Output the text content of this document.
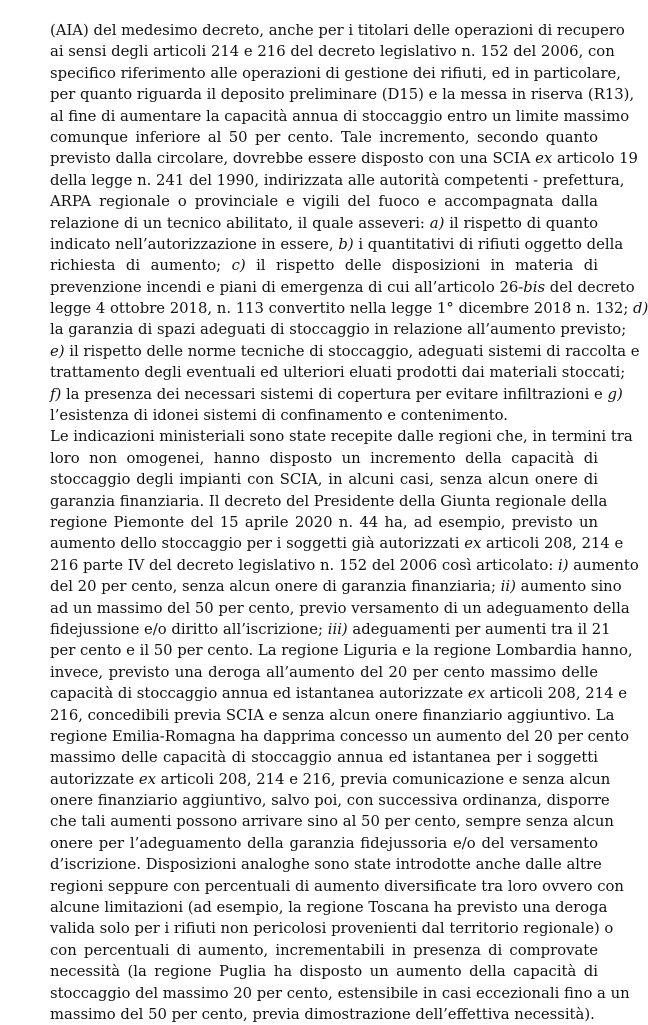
(AIA) del medesimo decreto, anche per i titolari delle operazioni di recupero
ai sensi degli articoli 214 e 216 del decreto legislativo n. 152 del 2006, con
specifico riferimento alle operazioni di gestione dei rifiuti, ed in particolare,
per quanto riguarda il deposito preliminare (D15) e la messa in riserva (R13),
al fine di aumentare la capacità annua di stoccaggio entro un limite massimo
comunque inferiore al 50 per cento. Tale incremento, secondo quanto
previsto dalla circolare, dovrebbe essere disposto con una SCIA ex articolo 19
della legge n. 241 del 1990, indirizzata alle autorità competenti - prefettura,
ARPA regionale o provinciale e vigili del fuoco e accompagnata dalla
relazione di un tecnico abilitato, il quale asseveri: a) il rispetto di quanto
indicato nell’autorizzazione in essere, b) i quantitativi di rifiuti oggetto della
richiesta di aumento; c) il rispetto delle disposizioni in materia di
prevenzione incendi e piani di emergenza di cui all’articolo 26-bis del decreto
legge 4 ottobre 2018, n. 113 convertito nella legge 1° dicembre 2018 n. 132; d)
la garanzia di spazi adeguati di stoccaggio in relazione all’aumento previsto;
e) il rispetto delle norme tecniche di stoccaggio, adeguati sistemi di raccolta e
trattamento degli eventuali ed ulteriori eluati prodotti dai materiali stoccati;
f) la presenza dei necessari sistemi di copertura per evitare infiltrazioni e g)
l’esistenza di idonei sistemi di confinamento e contenimento.
Le indicazioni ministeriali sono state recepite dalle regioni che, in termini tra
loro non omogenei, hanno disposto un incremento della capacità di
stoccaggio degli impianti con SCIA, in alcuni casi, senza alcun onere di
garanzia finanziaria. Il decreto del Presidente della Giunta regionale della
regione Piemonte del 15 aprile 2020 n. 44 ha, ad esempio, previsto un
aumento dello stoccaggio per i soggetti già autorizzati ex articoli 208, 214 e
216 parte IV del decreto legislativo n. 152 del 2006 così articolato: i) aumento
del 20 per cento, senza alcun onere di garanzia finanziaria; ii) aumento sino
ad un massimo del 50 per cento, previo versamento di un adeguamento della
fidejussione e/o diritto all’iscrizione; iii) adeguamenti per aumenti tra il 21
per cento e il 50 per cento. La regione Liguria e la regione Lombardia hanno,
invece, previsto una deroga all’aumento del 20 per cento massimo delle
capacità di stoccaggio annua ed istantanea autorizzate ex articoli 208, 214 e
216, concedibili previa SCIA e senza alcun onere finanziario aggiuntivo. La
regione Emilia-Romagna ha dapprima concesso un aumento del 20 per cento
massimo delle capacità di stoccaggio annua ed istantanea per i soggetti
autorizzate ex articoli 208, 214 e 216, previa comunicazione e senza alcun
onere finanziario aggiuntivo, salvo poi, con successiva ordinanza, disporre
che tali aumenti possono arrivare sino al 50 per cento, sempre senza alcun
onere per l’adeguamento della garanzia fidejussoria e/o del versamento
d’iscrizione. Disposizioni analoghe sono state introdotte anche dalle altre
regioni seppure con percentuali di aumento diversificate tra loro ovvero con
alcune limitazioni (ad esempio, la regione Toscana ha previsto una deroga
valida solo per i rifiuti non pericolosi provenienti dal territorio regionale) o
con percentuali di aumento, incrementabili in presenza di comprovate
necessità (la regione Puglia ha disposto un aumento della capacità di
stoccaggio del massimo 20 per cento, estensibile in casi eccezionali fino a un
massimo del 50 per cento, previa dimostrazione dell’effettiva necessità).
